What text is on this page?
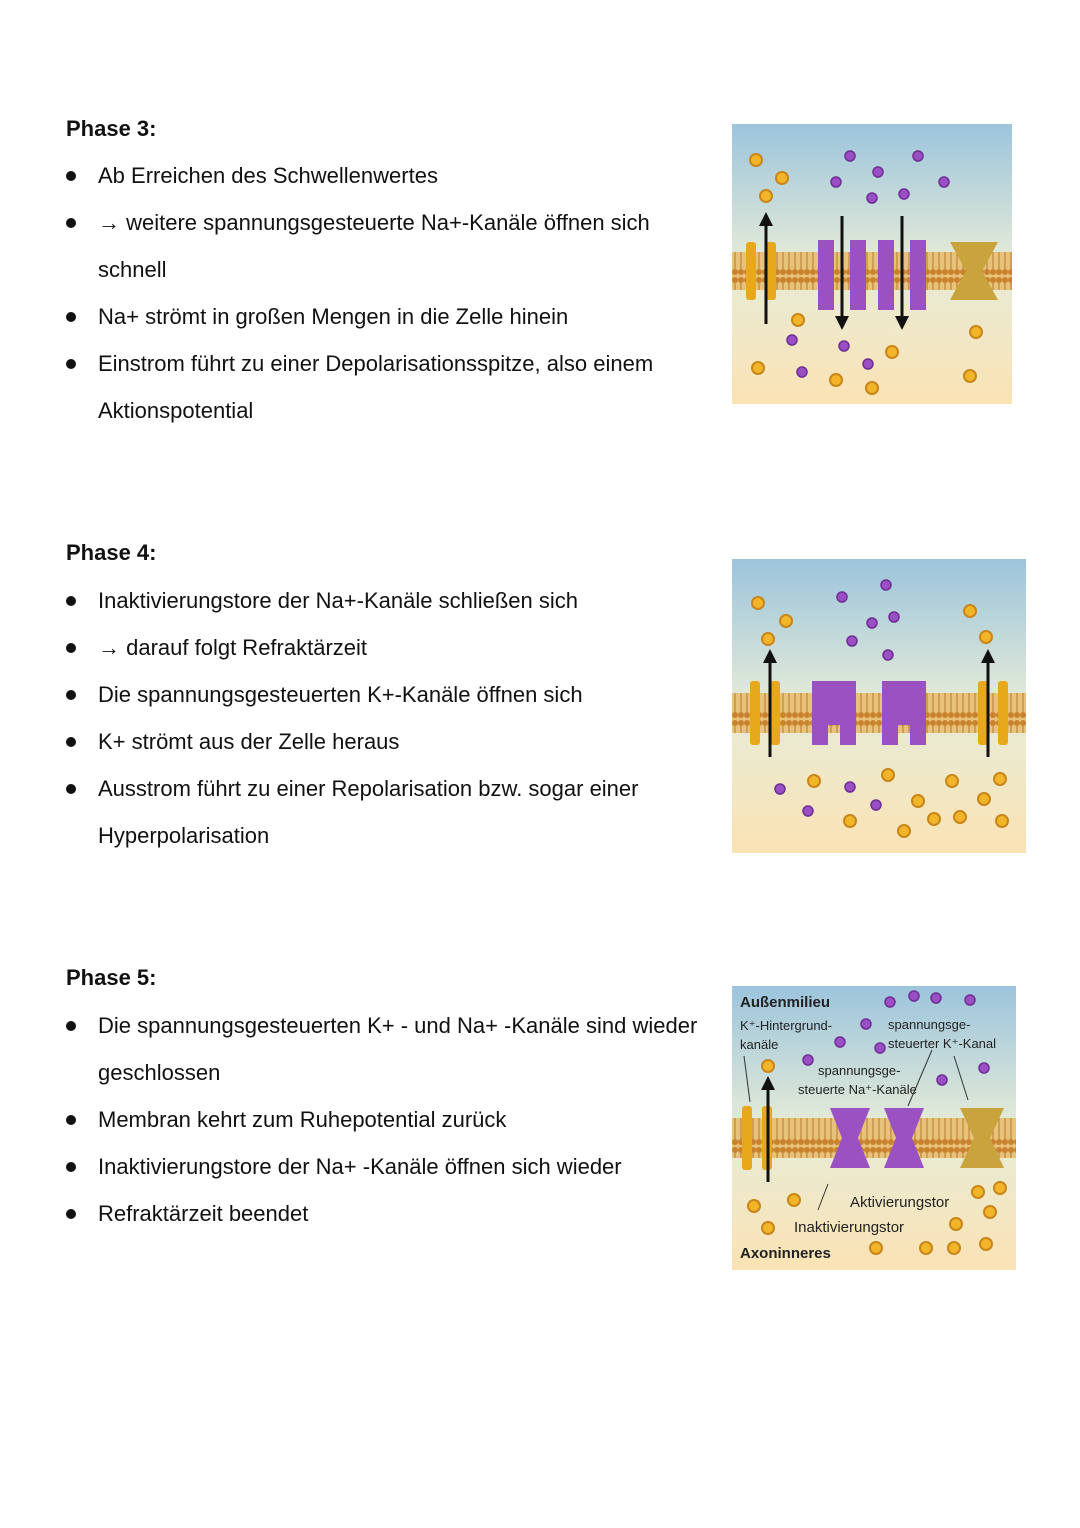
Phase 3:
Ab Erreichen des Schwellenwertes
→ weitere spannungsgesteuerte Na+-Kanäle öffnen sich schnell
Na+ strömt in großen Mengen in die Zelle hinein
Einstrom führt zu einer Depolarisationsspitze, also einem Aktionspotential
Phase 4:
Inaktivierungstore der Na+-Kanäle schließen sich
→ darauf folgt Refraktärzeit
Die spannungsgesteuerten K+-Kanäle öffnen sich
K+ strömt aus der Zelle heraus
Ausstrom führt zu einer Repolarisation bzw. sogar einer Hyperpolarisation
Phase 5:
Die spannungsgesteuerten K+ - und Na+ -Kanäle sind wieder geschlossen
Membran kehrt zum Ruhepotential zurück
Inaktivierungstore der Na+ -Kanäle öffnen sich wieder
Refraktärzeit beendet
Außenmilieu
K⁺-Hintergrund-
kanäle
spannungsge-
steuerter K⁺-Kanal
spannungsge-
steuerte Na⁺-Kanäle
Aktivierungstor
Inaktivierungstor
Axoninneres
